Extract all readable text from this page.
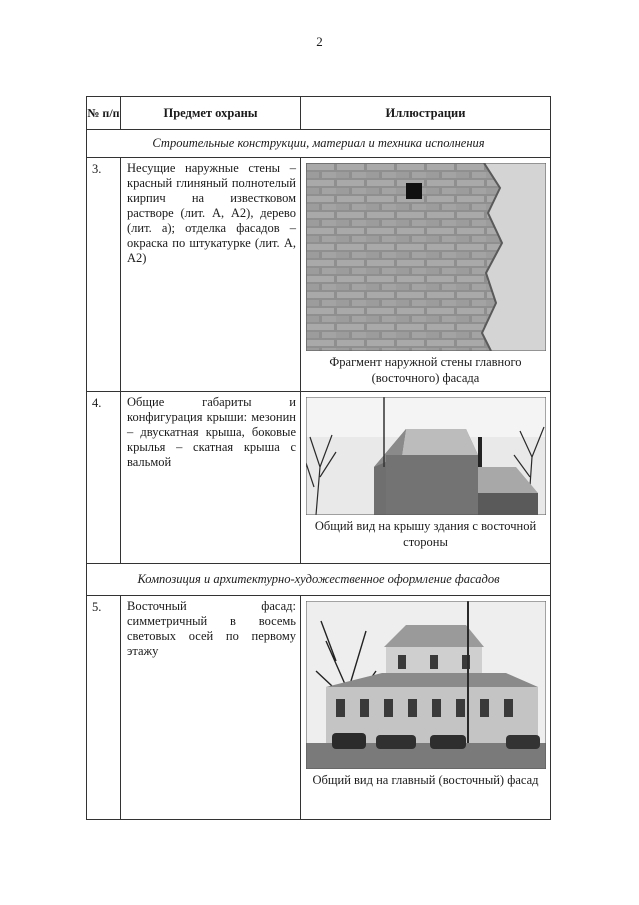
2
№ п/п	Предмет охраны	Иллюстрации
Строительные конструкции, материал и техника исполнения		
3.	Несущие наружные стены – красный глиняный полнотелый кирпич на известковом растворе (лит. А, А2), дерево (лит. а); отделка фасадов – окраска по штукатурке (лит. А, А2)	Фрагмент наружной стены главного (восточного) фасада

4.	Общие габариты и конфигурация крыши: мезонин – двускатная крыша, боковые крылья – скатная крыша с вальмой	Общий вид на крышу здания с восточной стороны

Композиция и архитектурно-художественное оформление фасадов		
5.	Восточный фасад: симметричный в восемь световых осей по первому этажу	Общий вид на главный (восточный) фасад
